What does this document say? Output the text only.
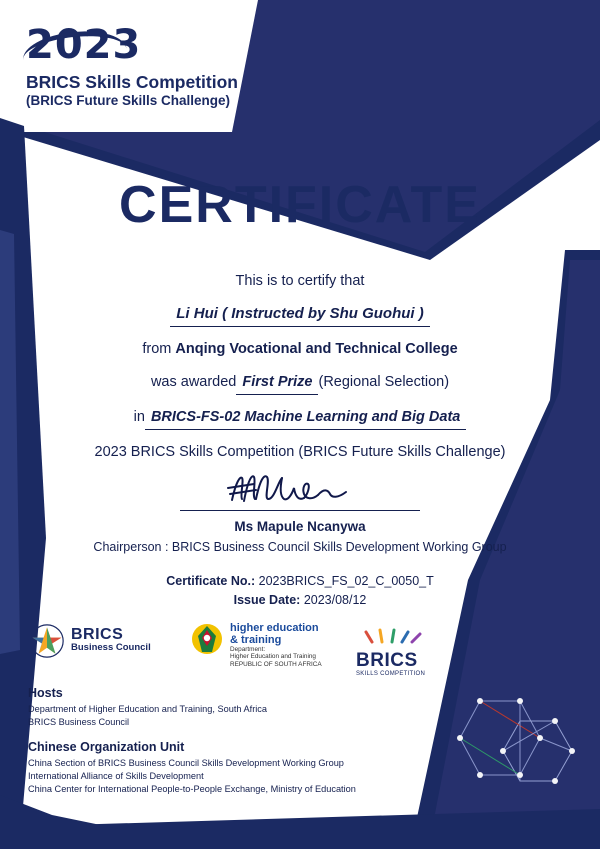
2023
BRICS Skills Competition
(BRICS Future Skills Challenge)
CERTIFICATE
This is to certify that
Li Hui ( Instructed by Shu Guohui )
from Anqing Vocational and Technical College
was awarded First Prize (Regional Selection)
in BRICS-FS-02 Machine Learning and Big Data
2023 BRICS Skills Competition (BRICS Future Skills Challenge)
Ms Mapule Ncanywa
Chairperson : BRICS Business Council Skills Development Working Group
Certificate No.: 2023BRICS_FS_02_C_0050_T
Issue Date: 2023/08/12
BRICS
Business Council
higher education
& training
Department:
Higher Education and Training
REPUBLIC OF SOUTH AFRICA BRICS
SKILLS COMPETITION
Hosts
Department of Higher Education and Training, South Africa
BRICS Business Council
Chinese Organization Unit
China Section of BRICS Business Council Skills Development Working Group
International Alliance of Skills Development
China Center for International People-to-People Exchange, Ministry of Education
